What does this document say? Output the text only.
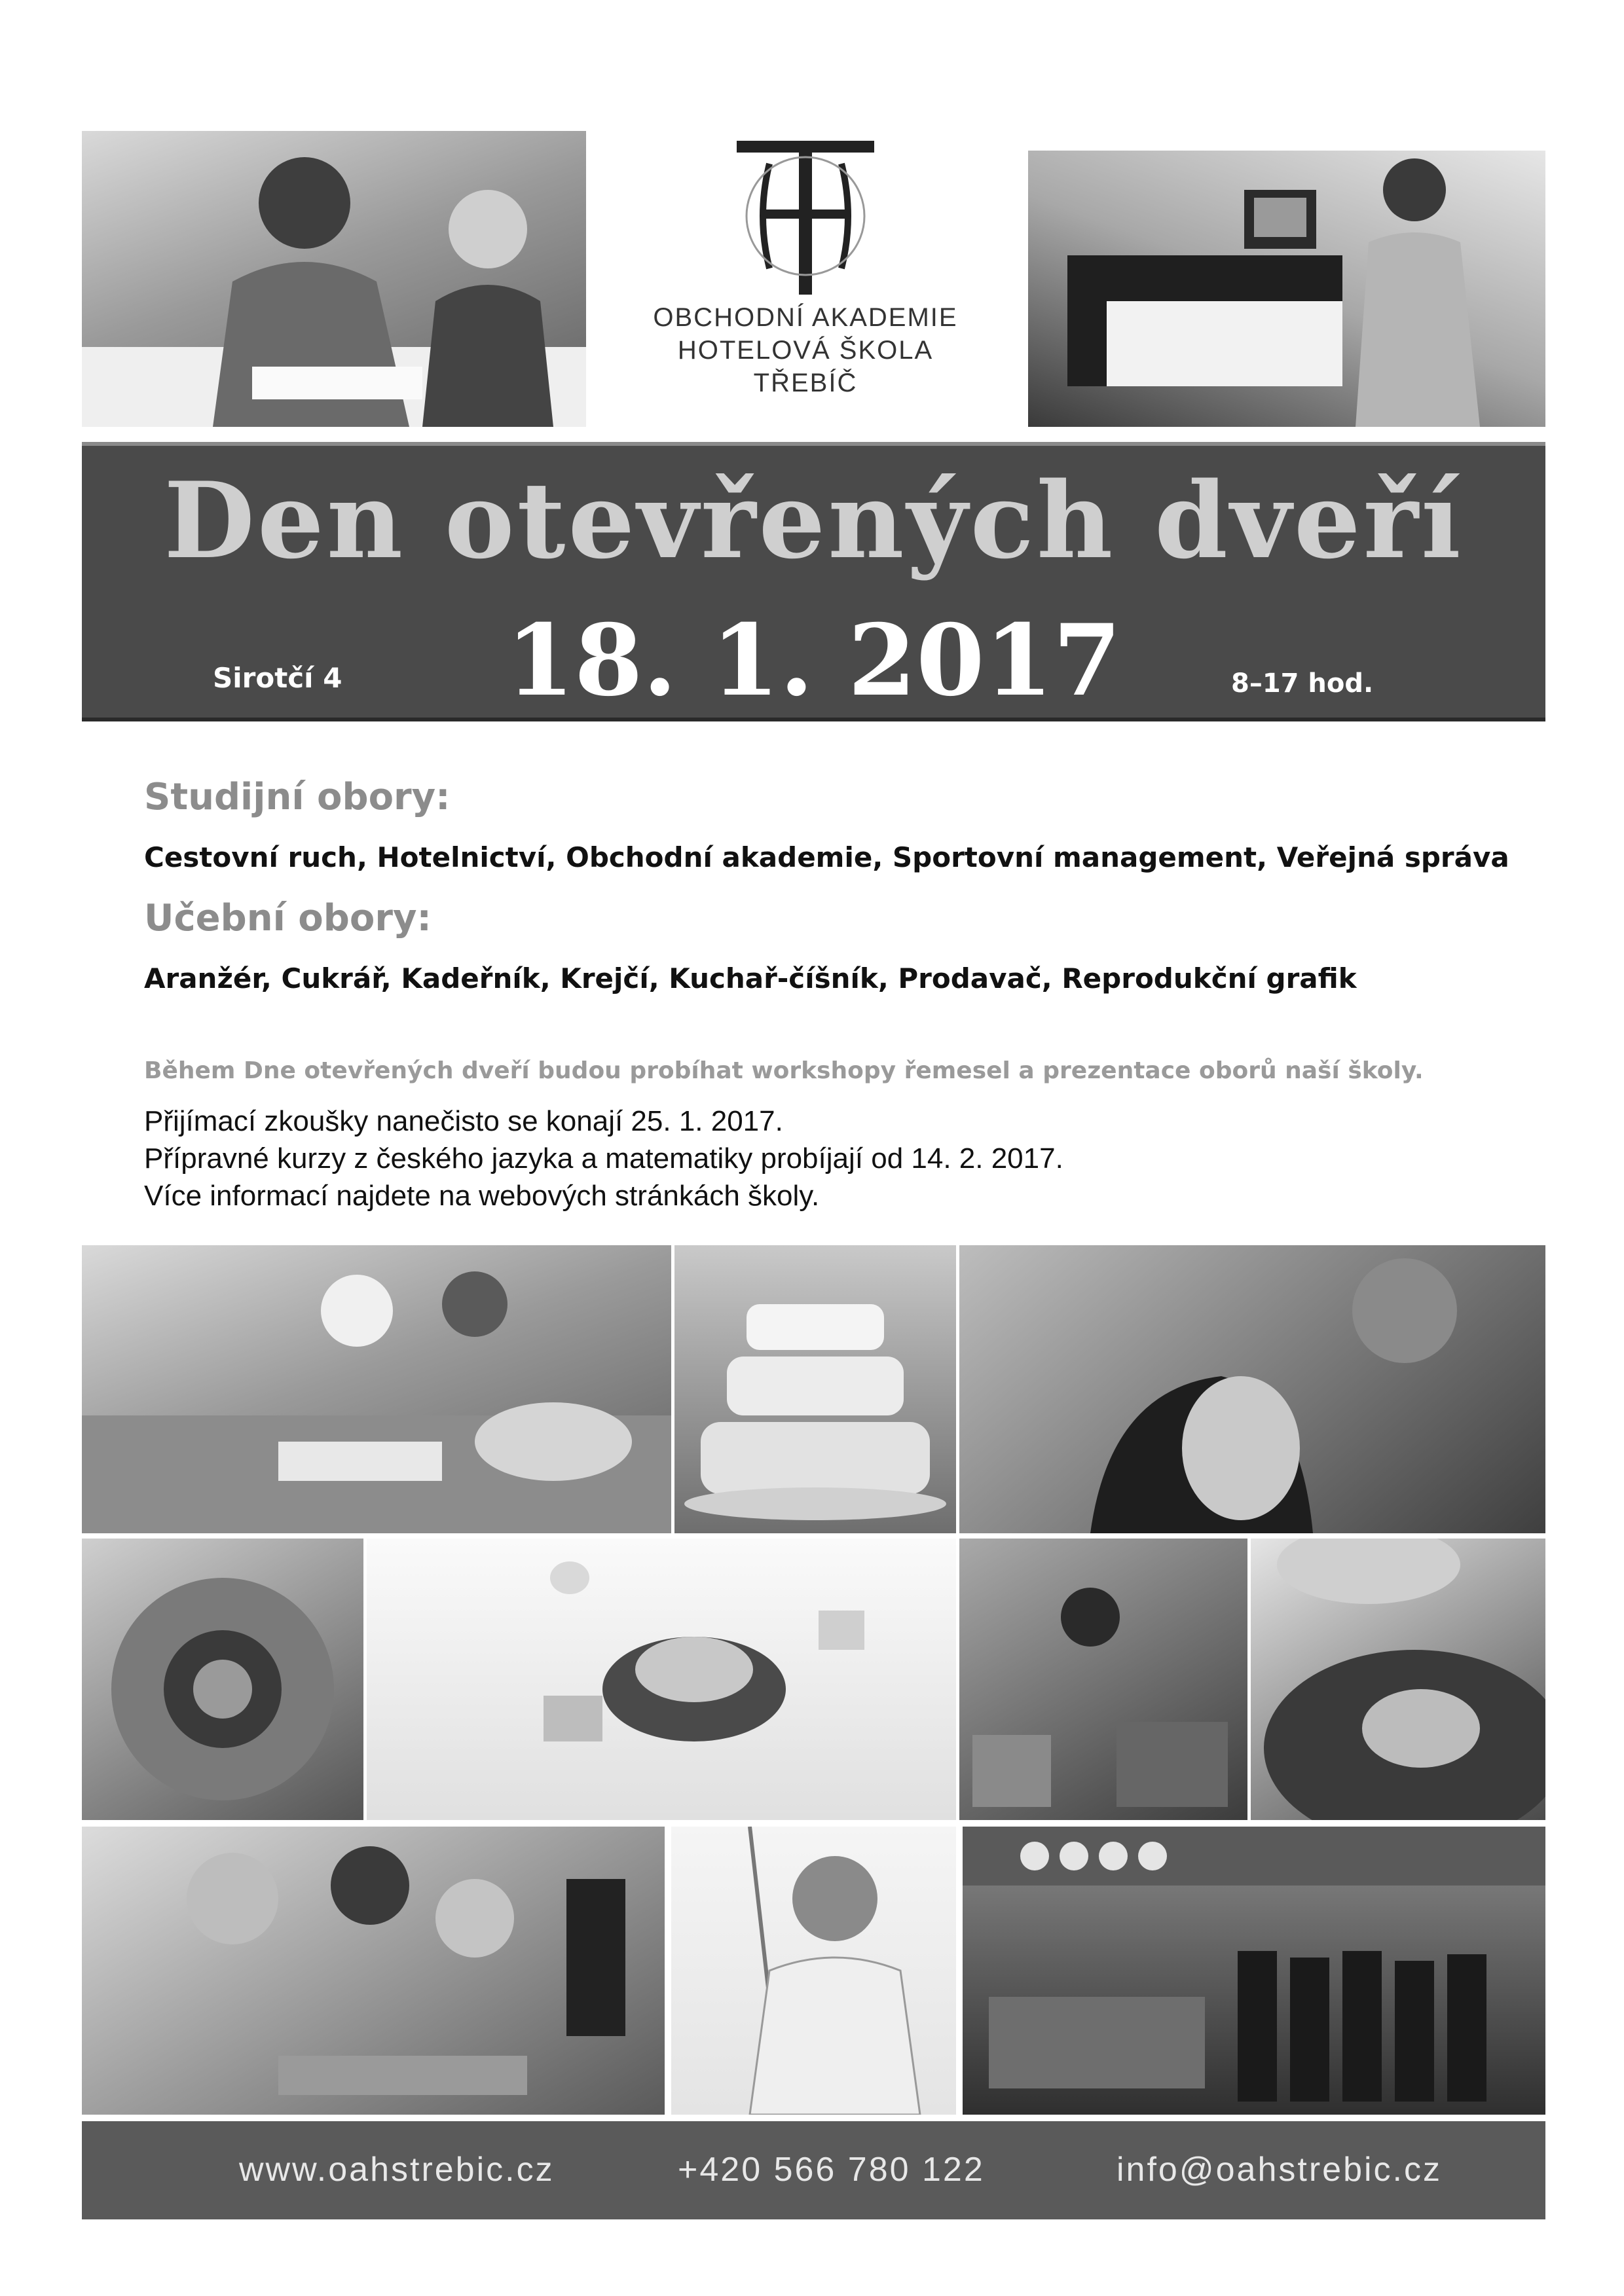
OBCHODNÍ AKADEMIE
HOTELOVÁ ŠKOLA
TŘEBÍČ
Den otevřených dveří
18. 1. 2017
Sirotčí 4	8–17 hod.
Studijní obory:
Cestovní ruch, Hotelnictví, Obchodní akademie, Sportovní management, Veřejná správa
Učební obory:
Aranžér, Cukrář, Kadeřník, Krejčí, Kuchař-číšník, Prodavač, Reprodukční grafik
Během Dne otevřených dveří budou probíhat workshopy řemesel a prezentace oborů naší školy.
Přijímací zkoušky nanečisto se konají 25. 1. 2017.
Přípravné kurzy z českého jazyka a matematiky probíjají od 14. 2. 2017.
Více informací najdete na webových stránkách školy.
www.oahstrebic.cz	+420 566 780 122	info@oahstrebic.cz
